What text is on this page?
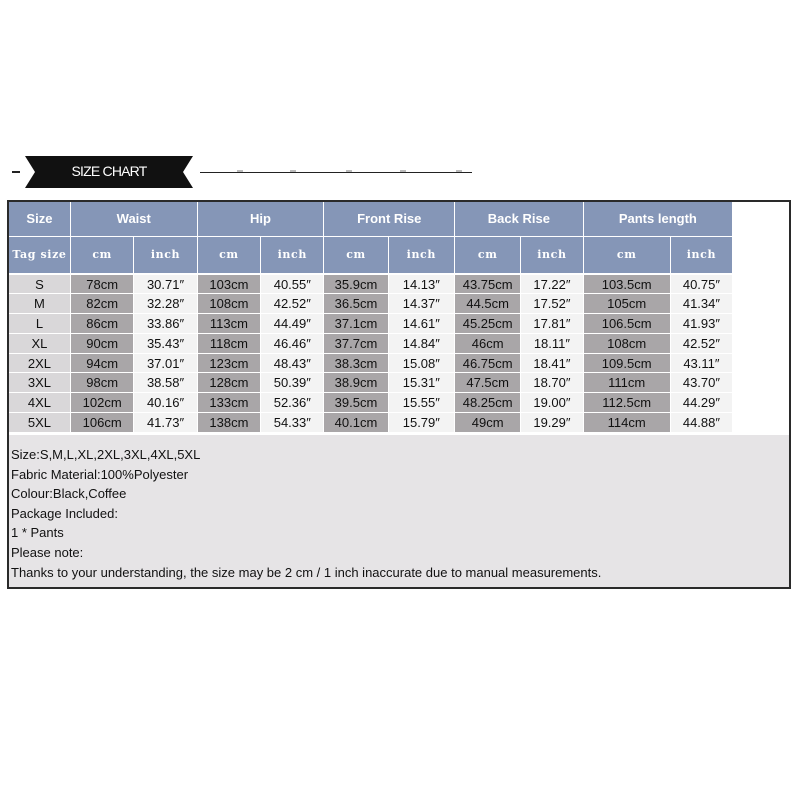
SIZE CHART
Size	Waist		Hip		Front Rise		Back Rise		Pants length	
Tag size	cm	inch	cm	inch	cm	inch	cm	inch	cm	inch
S	78cm	30.71″	103cm	40.55″	35.9cm	14.13″	43.75cm	17.22″	103.5cm	40.75″
M	82cm	32.28″	108cm	42.52″	36.5cm	14.37″	44.5cm	17.52″	105cm	41.34″
L	86cm	33.86″	113cm	44.49″	37.1cm	14.61″	45.25cm	17.81″	106.5cm	41.93″
XL	90cm	35.43″	118cm	46.46″	37.7cm	14.84″	46cm	18.11″	108cm	42.52″
2XL	94cm	37.01″	123cm	48.43″	38.3cm	15.08″	46.75cm	18.41″	109.5cm	43.11″
3XL	98cm	38.58″	128cm	50.39″	38.9cm	15.31″	47.5cm	18.70″	111cm	43.70″
4XL	102cm	40.16″	133cm	52.36″	39.5cm	15.55″	48.25cm	19.00″	112.5cm	44.29″
5XL	106cm	41.73″	138cm	54.33″	40.1cm	15.79″	49cm	19.29″	114cm	44.88″
Size:S,M,L,XL,2XL,3XL,4XL,5XL
Fabric Material:100%Polyester
Colour:Black,Coffee
Package Included:
1 * Pants
Please note:
Thanks to your understanding, the size may be 2 cm / 1 inch inaccurate due to manual measurements.
